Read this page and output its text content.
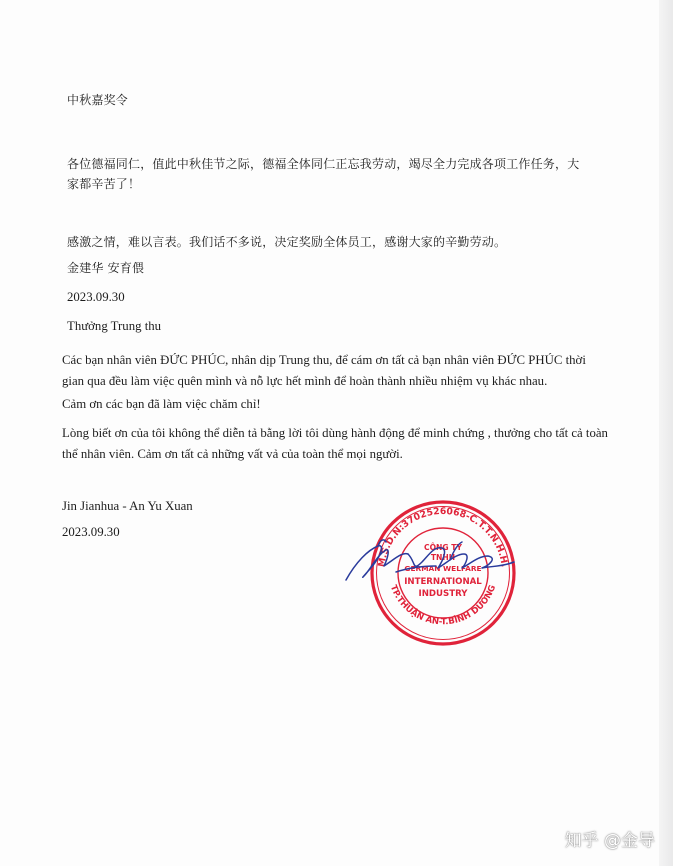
中秋嘉奖令
各位德福同仁，值此中秋佳节之际，德福全体同仁正忘我劳动，竭尽全力完成各项工作任务，大
家都辛苦了！
感激之情，难以言表。我们话不多说，决定奖励全体员工，感谢大家的辛勤劳动。
金建华 安育偎
2023.09.30
Thưởng Trung thu
Các bạn nhân viên ĐỨC PHÚC, nhân dịp Trung thu, để cám ơn tất cả bạn nhân viên ĐỨC PHÚC thời
gian qua đều làm việc quên mình và nỗ lực hết mình để hoàn thành nhiều nhiệm vụ khác nhau.
Cảm ơn các bạn đã làm việc chăm chỉ!
Lòng biết ơn của tôi không thể diễn tả bằng lời tôi dùng hành động để minh chứng , thưởng cho tất cả toàn
thể nhân viên. Cảm ơn tất cả những vất vả của toàn thể mọi người.
Jin Jianhua - An Yu Xuan
2023.09.30
M.S.D.N:3702526068-C.T.T.N.H.H.
TP.THUẬN AN-T.BÌNH DƯƠNG
CÔNG TY
TNHH
GERMAN WELFARE
INTERNATIONAL
INDUSTRY
知乎 @金导
